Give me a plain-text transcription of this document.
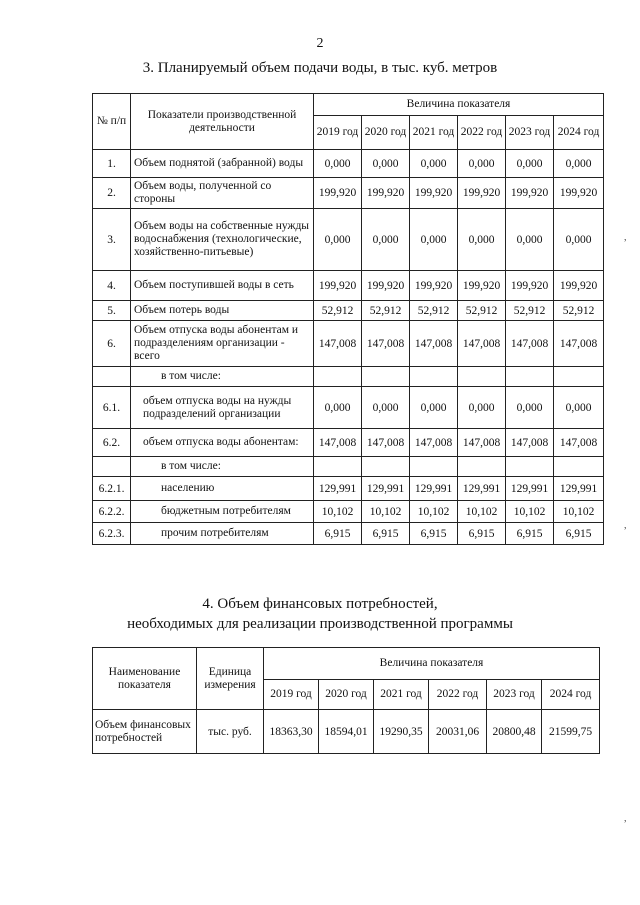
2
3. Планируемый объем подачи воды, в тыс. куб. метров
№ п/п	Показатели производственной деятельности	Величина показателя					
		2019 год	2020 год	2021 год	2022 год	2023 год	2024 год
1.	Объем поднятой (забранной) воды	0,000	0,000	0,000	0,000	0,000	0,000
2.	Объем воды, полученной со стороны	199,920	199,920	199,920	199,920	199,920	199,920
3.	Объем воды на собственные нужды водоснабжения (технологические, хозяйственно-питьевые)	0,000	0,000	0,000	0,000	0,000	0,000
4.	Объем поступившей воды в сеть	199,920	199,920	199,920	199,920	199,920	199,920
5.	Объем потерь воды	52,912	52,912	52,912	52,912	52,912	52,912
6.	Объем отпуска воды абонентам и подразделениям организации - всего	147,008	147,008	147,008	147,008	147,008	147,008
	в том числе:						
6.1.	объем отпуска воды на нужды подразделений организации	0,000	0,000	0,000	0,000	0,000	0,000
6.2.	объем отпуска воды абонентам:	147,008	147,008	147,008	147,008	147,008	147,008
	в том числе:						
6.2.1.	населению	129,991	129,991	129,991	129,991	129,991	129,991
6.2.2.	бюджетным потребителям	10,102	10,102	10,102	10,102	10,102	10,102
6.2.3.	прочим потребителям	6,915	6,915	6,915	6,915	6,915	6,915
4. Объем финансовых потребностей,
необходимых для реализации производственной программы
Наименование показателя	Единица измерения	Величина показателя					
		2019 год	2020 год	2021 год	2022 год	2023 год	2024 год
Объем финансовых потребностей	тыс. руб.	18363,30	18594,01	19290,35	20031,06	20800,48	21599,75
,
,
,
